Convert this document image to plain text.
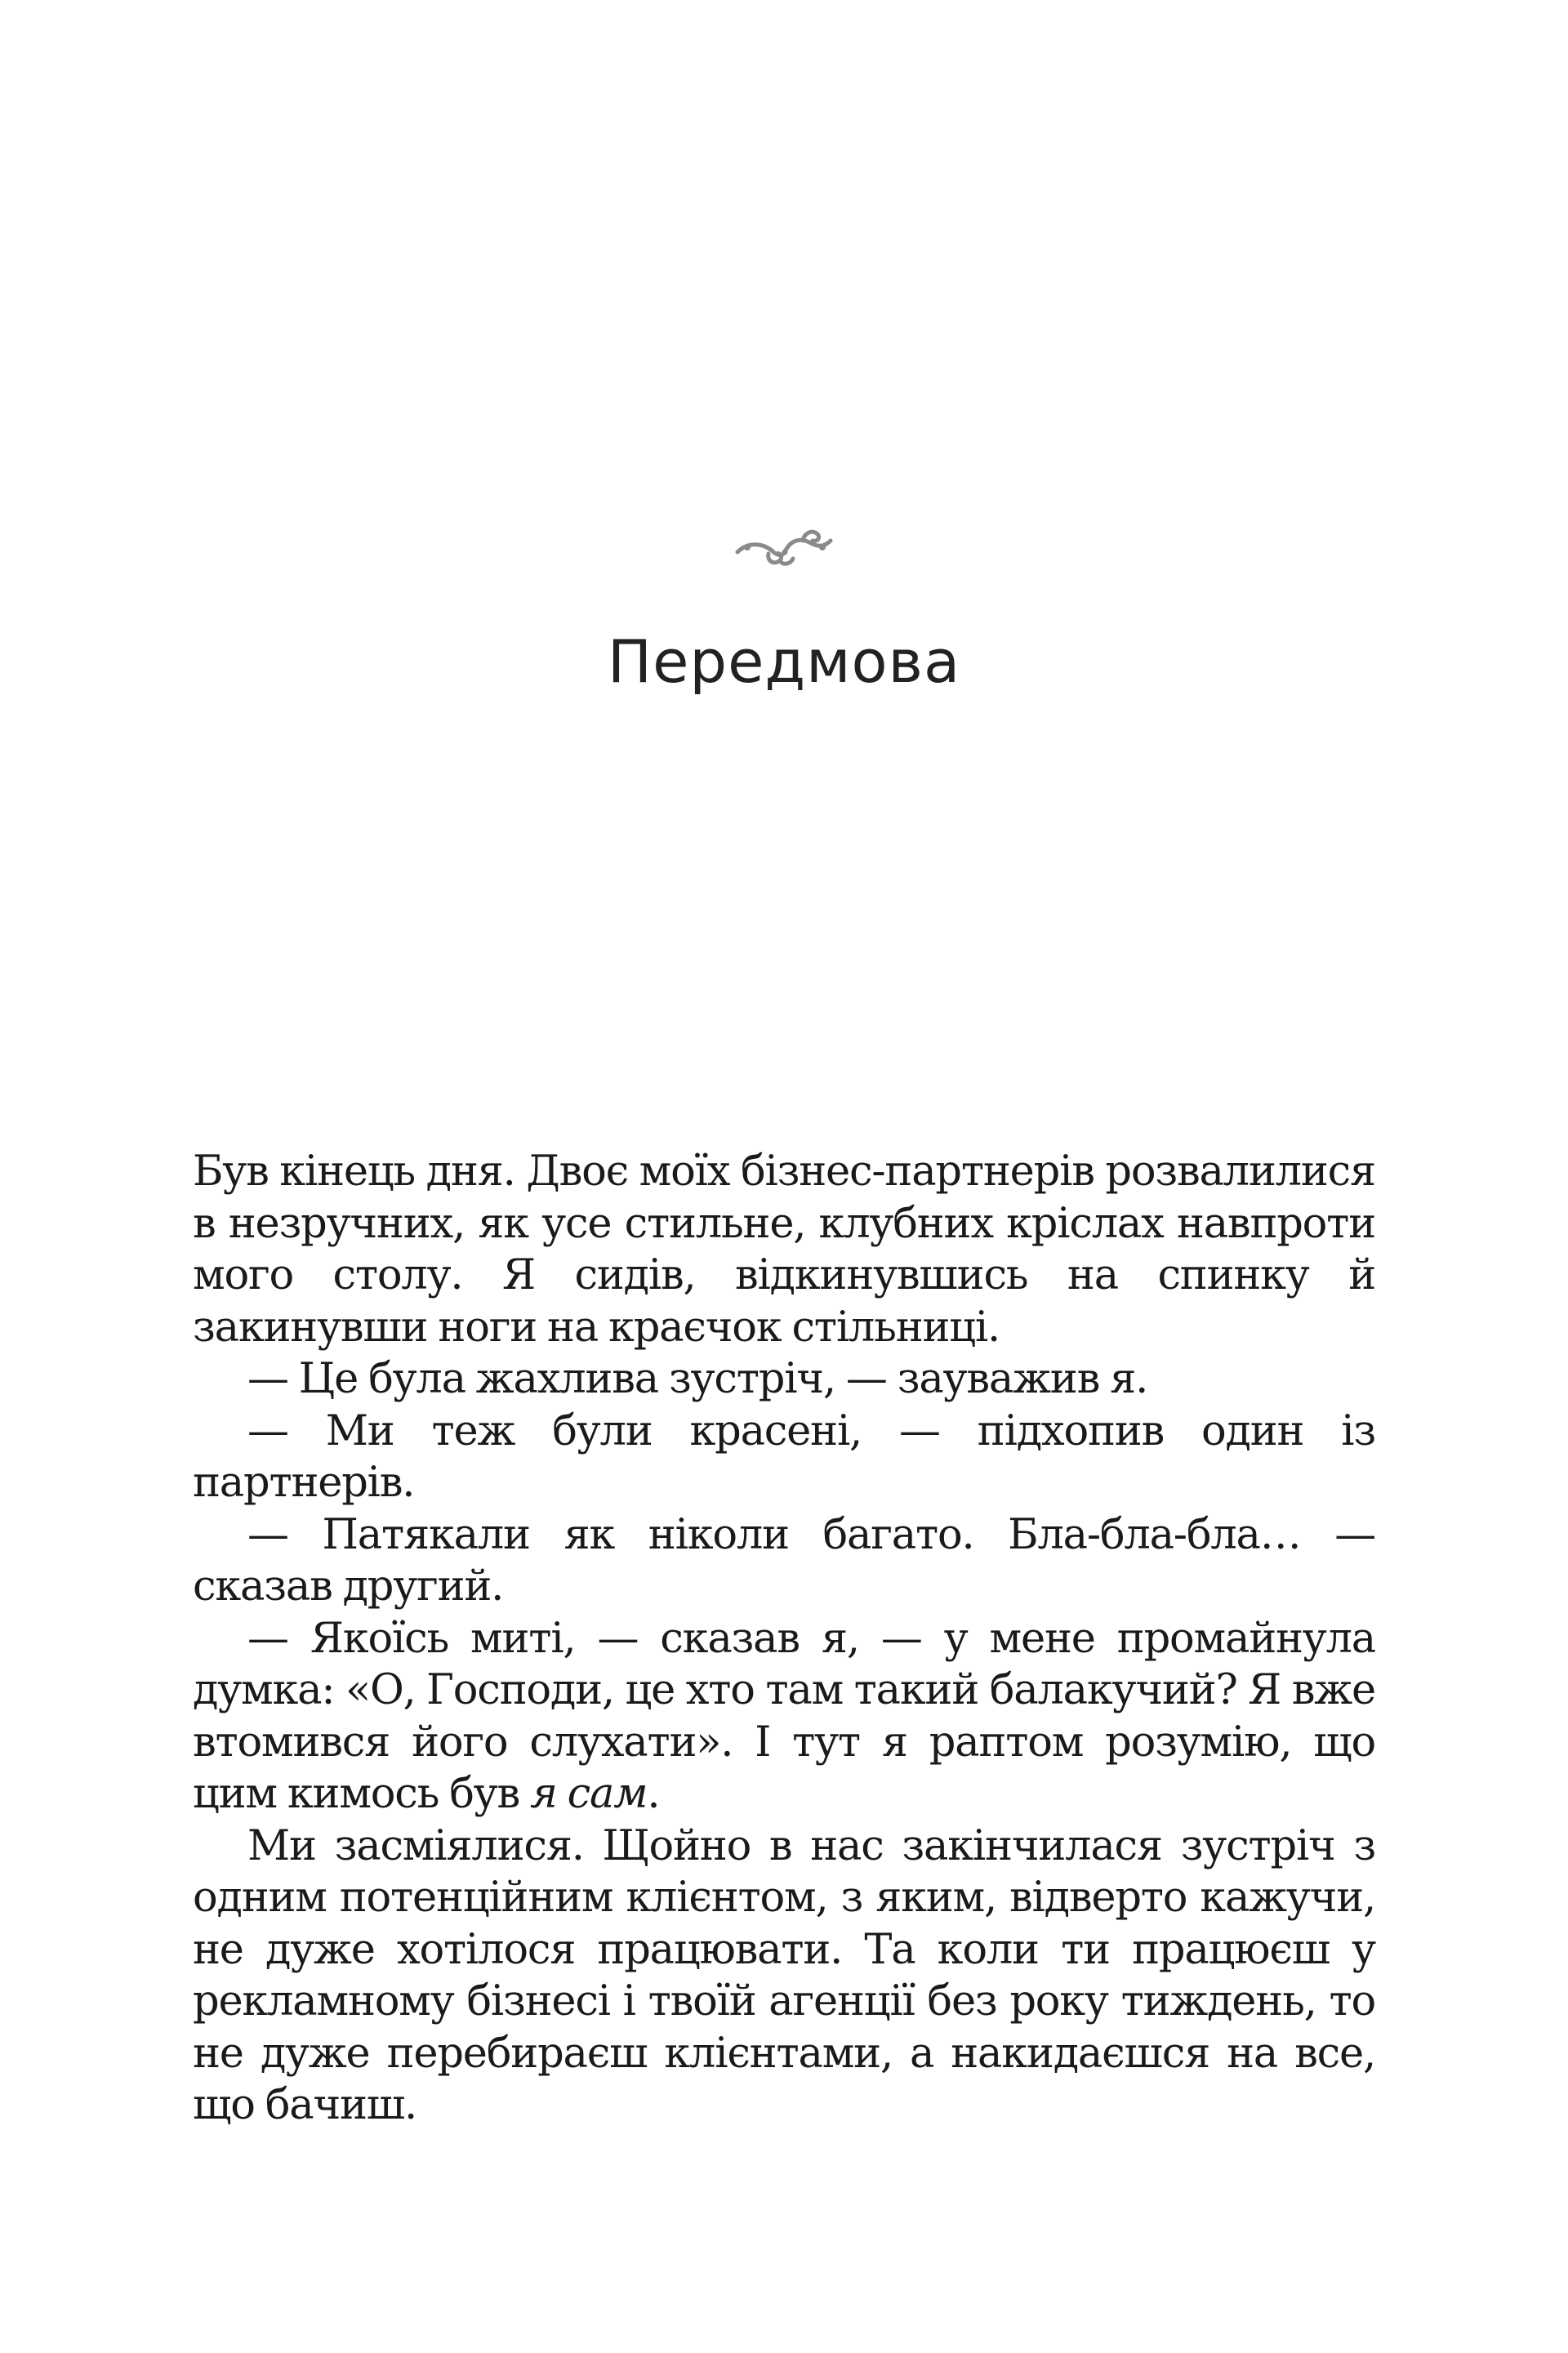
Передмова

Був кінець дня. Двоє моїх бізнес-партнерів розвалилися в незручних, як усе стильне, клубних кріслах навпроти мого столу. Я сидів, відкинувшись на спинку й закинувши ноги на краєчок стільниці.

— Це була жахлива зустріч, — зауважив я.

— Ми теж були красені, — підхопив один із партнерів.

— Патякали як ніколи багато. Бла-бла-бла… — сказав другий.

— Якоїсь миті, — сказав я, — у мене промайнула думка: «О, Господи, це хто там такий балакучий? Я вже втомився його слухати». І тут я раптом розумію, що цим кимось був я сам.

Ми засміялися. Щойно в нас закінчилася зустріч з одним потенційним клієнтом, з яким, відверто кажучи, не дуже хотілося працювати. Та коли ти працюєш у рекламному бізнесі і твоїй агенції без року тиждень, то не дуже перебираєш клієнтами, а накидаєшся на все, що бачиш.
